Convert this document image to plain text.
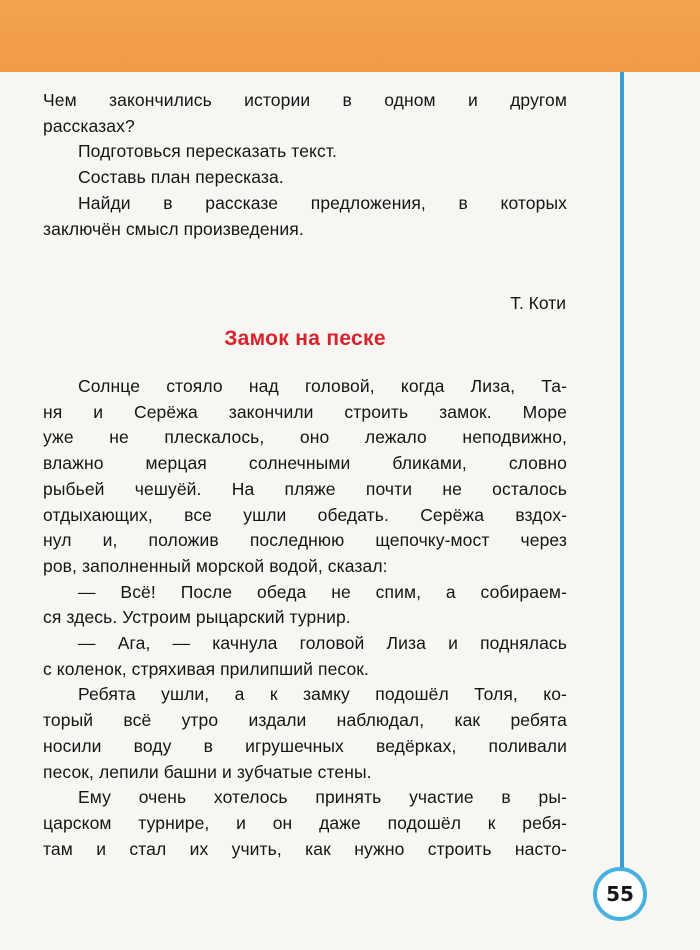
Чем закончились истории в одном и другом
рассказах?
Подготовься пересказать текст.
Составь план пересказа.
Найди в рассказе предложения, в которых
заключён смысл произведения.
Т. Коти
Замок на песке
Солнце стояло над головой, когда Лиза, Та-
ня и Серёжа закончили строить замок. Море
уже не плескалось, оно лежало неподвижно,
влажно мерцая солнечными бликами, словно
рыбьей чешуёй. На пляже почти не осталось
отдыхающих, все ушли обедать. Серёжа вздох-
нул и, положив последнюю щепочку-мост через
ров, заполненный морской водой, сказал:
— Всё! После обеда не спим, а собираем-
ся здесь. Устроим рыцарский турнир.
— Ага, — качнула головой Лиза и поднялась
с коленок, стряхивая прилипший песок.
Ребята ушли, а к замку подошёл Толя, ко-
торый всё утро издали наблюдал, как ребята
носили воду в игрушечных ведёрках, поливали
песок, лепили башни и зубчатые стены.
Ему очень хотелось принять участие в ры-
царском турнире, и он даже подошёл к ребя-
там и стал их учить, как нужно строить насто-
55
